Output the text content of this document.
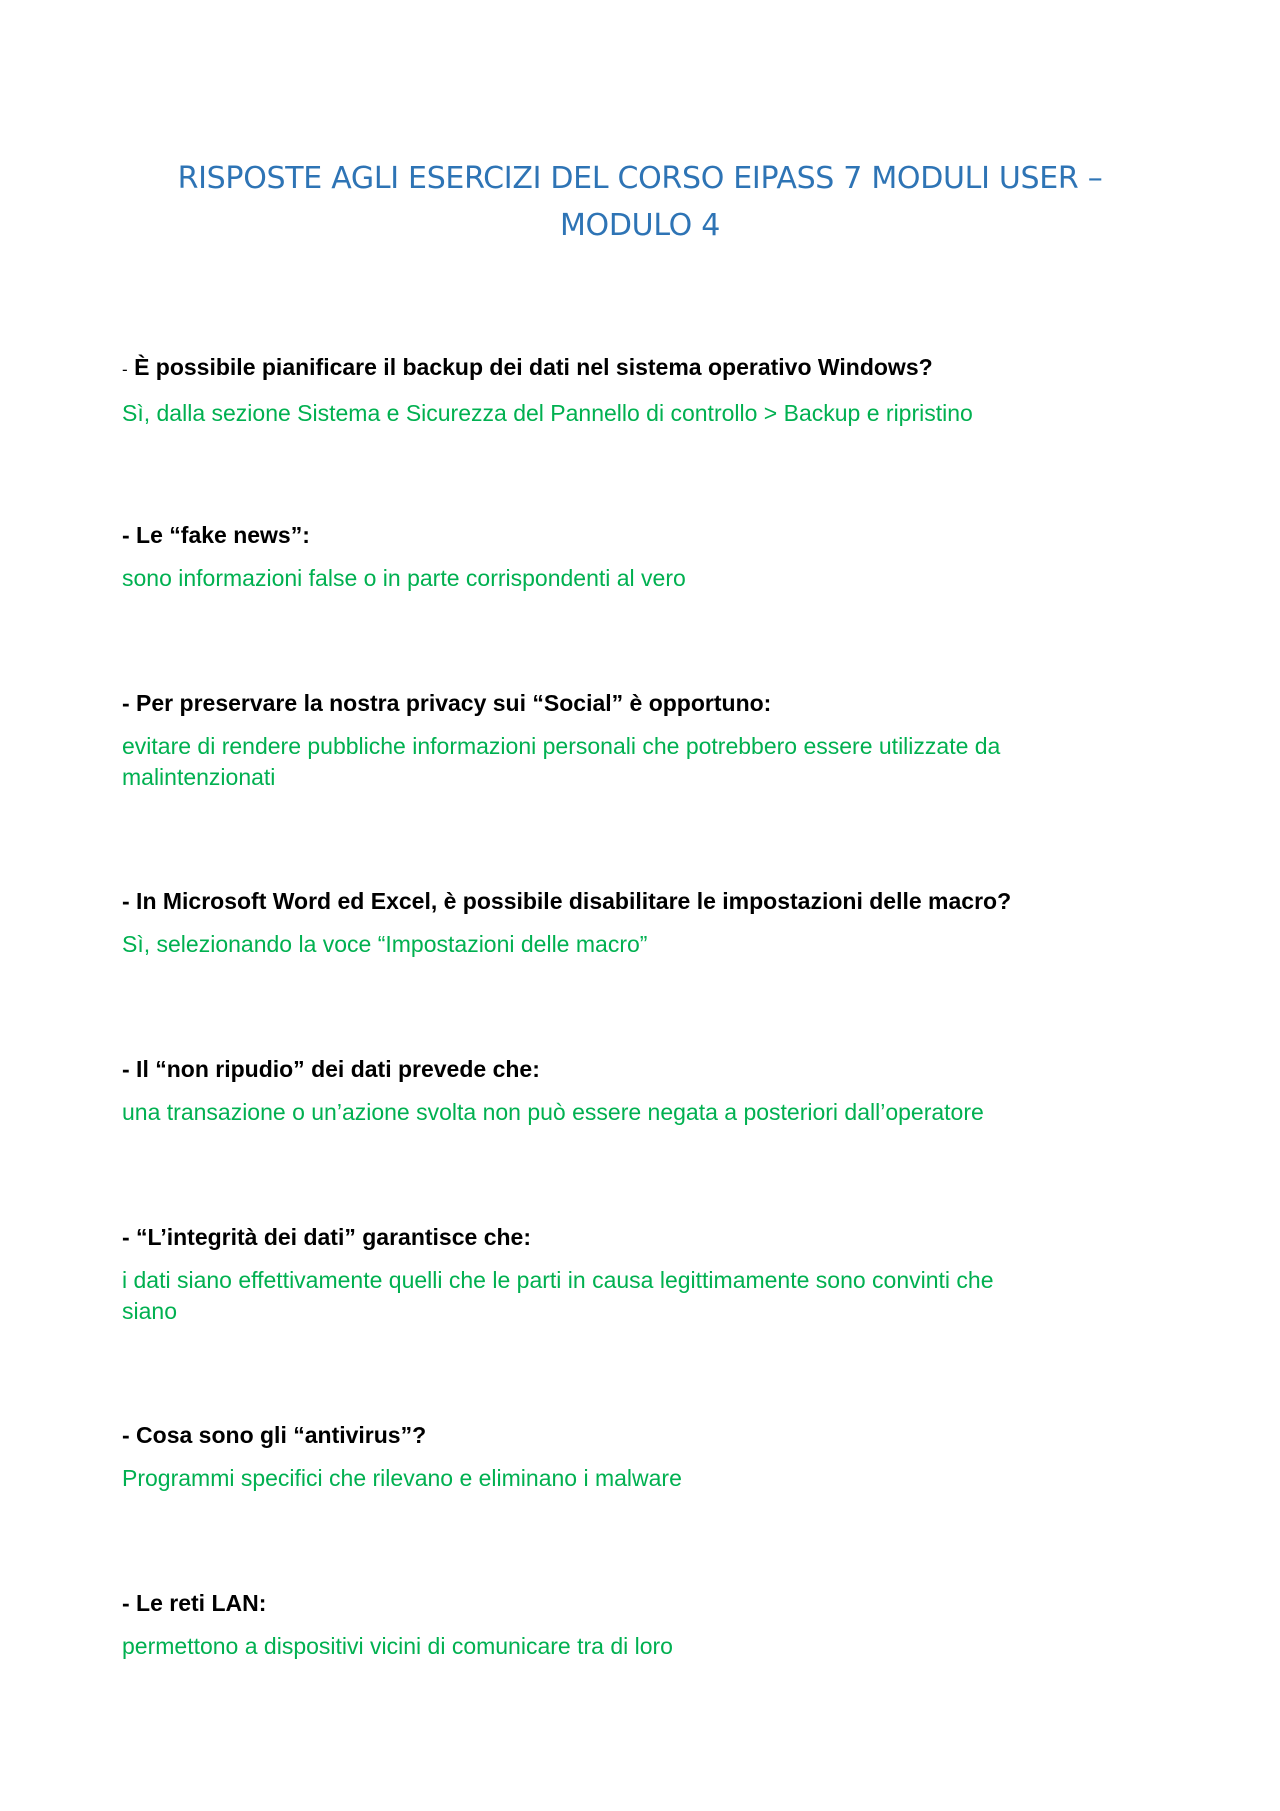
RISPOSTE AGLI ESERCIZI DEL CORSO EIPASS 7 MODULI USER –
MODULO 4

- È possibile pianificare il backup dei dati nel sistema operativo Windows?

Sì, dalla sezione Sistema e Sicurezza del Pannello di controllo > Backup e ripristino

- Le “fake news”:

sono informazioni false o in parte corrispondenti al vero

- Per preservare la nostra privacy sui “Social” è opportuno:

evitare di rendere pubbliche informazioni personali che potrebbero essere utilizzate da
malintenzionati

- In Microsoft Word ed Excel, è possibile disabilitare le impostazioni delle macro?

Sì, selezionando la voce “Impostazioni delle macro”

- Il “non ripudio” dei dati prevede che:

una transazione o un’azione svolta non può essere negata a posteriori dall’operatore

- “L’integrità dei dati” garantisce che:

i dati siano effettivamente quelli che le parti in causa legittimamente sono convinti che
siano

- Cosa sono gli “antivirus”?

Programmi specifici che rilevano e eliminano i malware

- Le reti LAN:

permettono a dispositivi vicini di comunicare tra di loro
